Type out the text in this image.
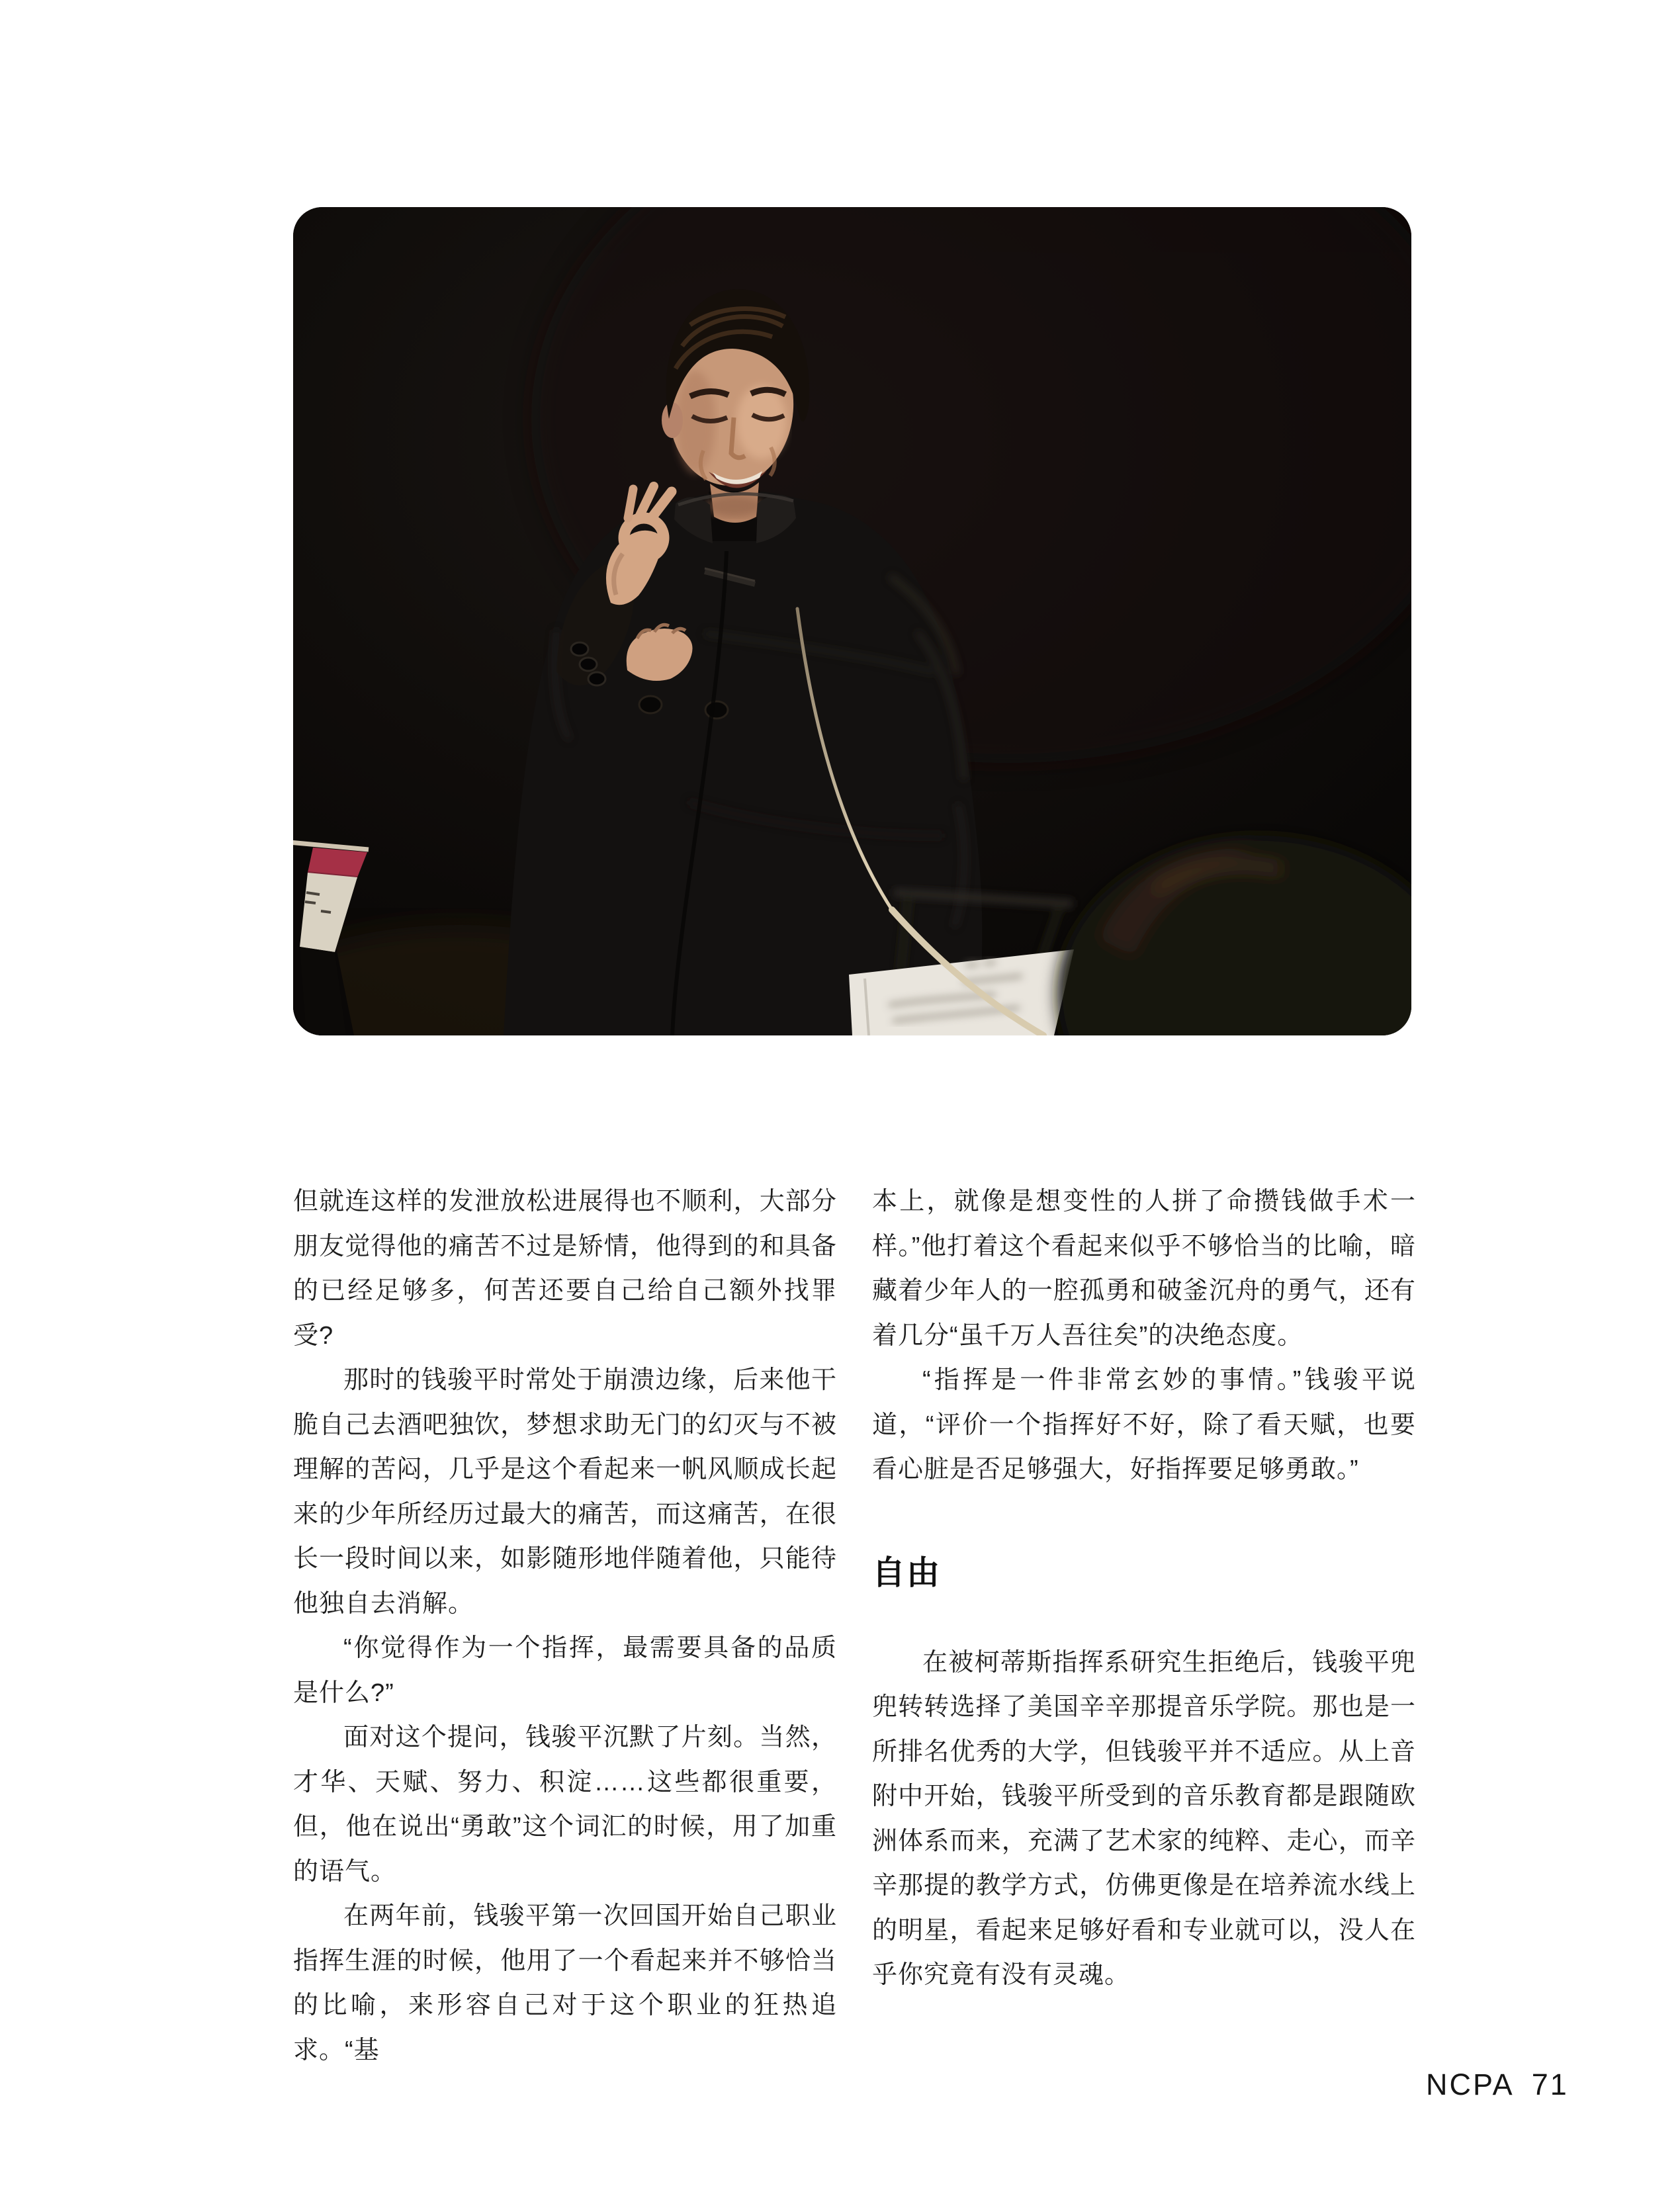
但就连这样的发泄放松进展得也不顺利，大部分朋友觉得他的痛苦不过是矫情，他得到的和具备的已经足够多，何苦还要自己给自己额外找罪受?

那时的钱骏平时常处于崩溃边缘，后来他干脆自己去酒吧独饮，梦想求助无门的幻灭与不被理解的苦闷，几乎是这个看起来一帆风顺成长起来的少年所经历过最大的痛苦，而这痛苦，在很长一段时间以来，如影随形地伴随着他，只能待他独自去消解。

“你觉得作为一个指挥，最需要具备的品质是什么?”

面对这个提问，钱骏平沉默了片刻。当然，才华、天赋、努力、积淀……这些都很重要，但，他在说出“勇敢”这个词汇的时候，用了加重的语气。

在两年前，钱骏平第一次回国开始自己职业指挥生涯的时候，他用了一个看起来并不够恰当的比喻，来形容自己对于这个职业的狂热追求。“基

本上，就像是想变性的人拼了命攒钱做手术一样。”他打着这个看起来似乎不够恰当的比喻，暗藏着少年人的一腔孤勇和破釜沉舟的勇气，还有着几分“虽千万人吾往矣”的决绝态度。

“指挥是一件非常玄妙的事情。”钱骏平说道，“评价一个指挥好不好，除了看天赋，也要看心脏是否足够强大，好指挥要足够勇敢。”

自由

在被柯蒂斯指挥系研究生拒绝后，钱骏平兜兜转转选择了美国辛辛那提音乐学院。那也是一所排名优秀的大学，但钱骏平并不适应。从上音附中开始，钱骏平所受到的音乐教育都是跟随欧洲体系而来，充满了艺术家的纯粹、走心，而辛辛那提的教学方式，仿佛更像是在培养流水线上的明星，看起来足够好看和专业就可以，没人在乎你究竟有没有灵魂。

NCPA 71
